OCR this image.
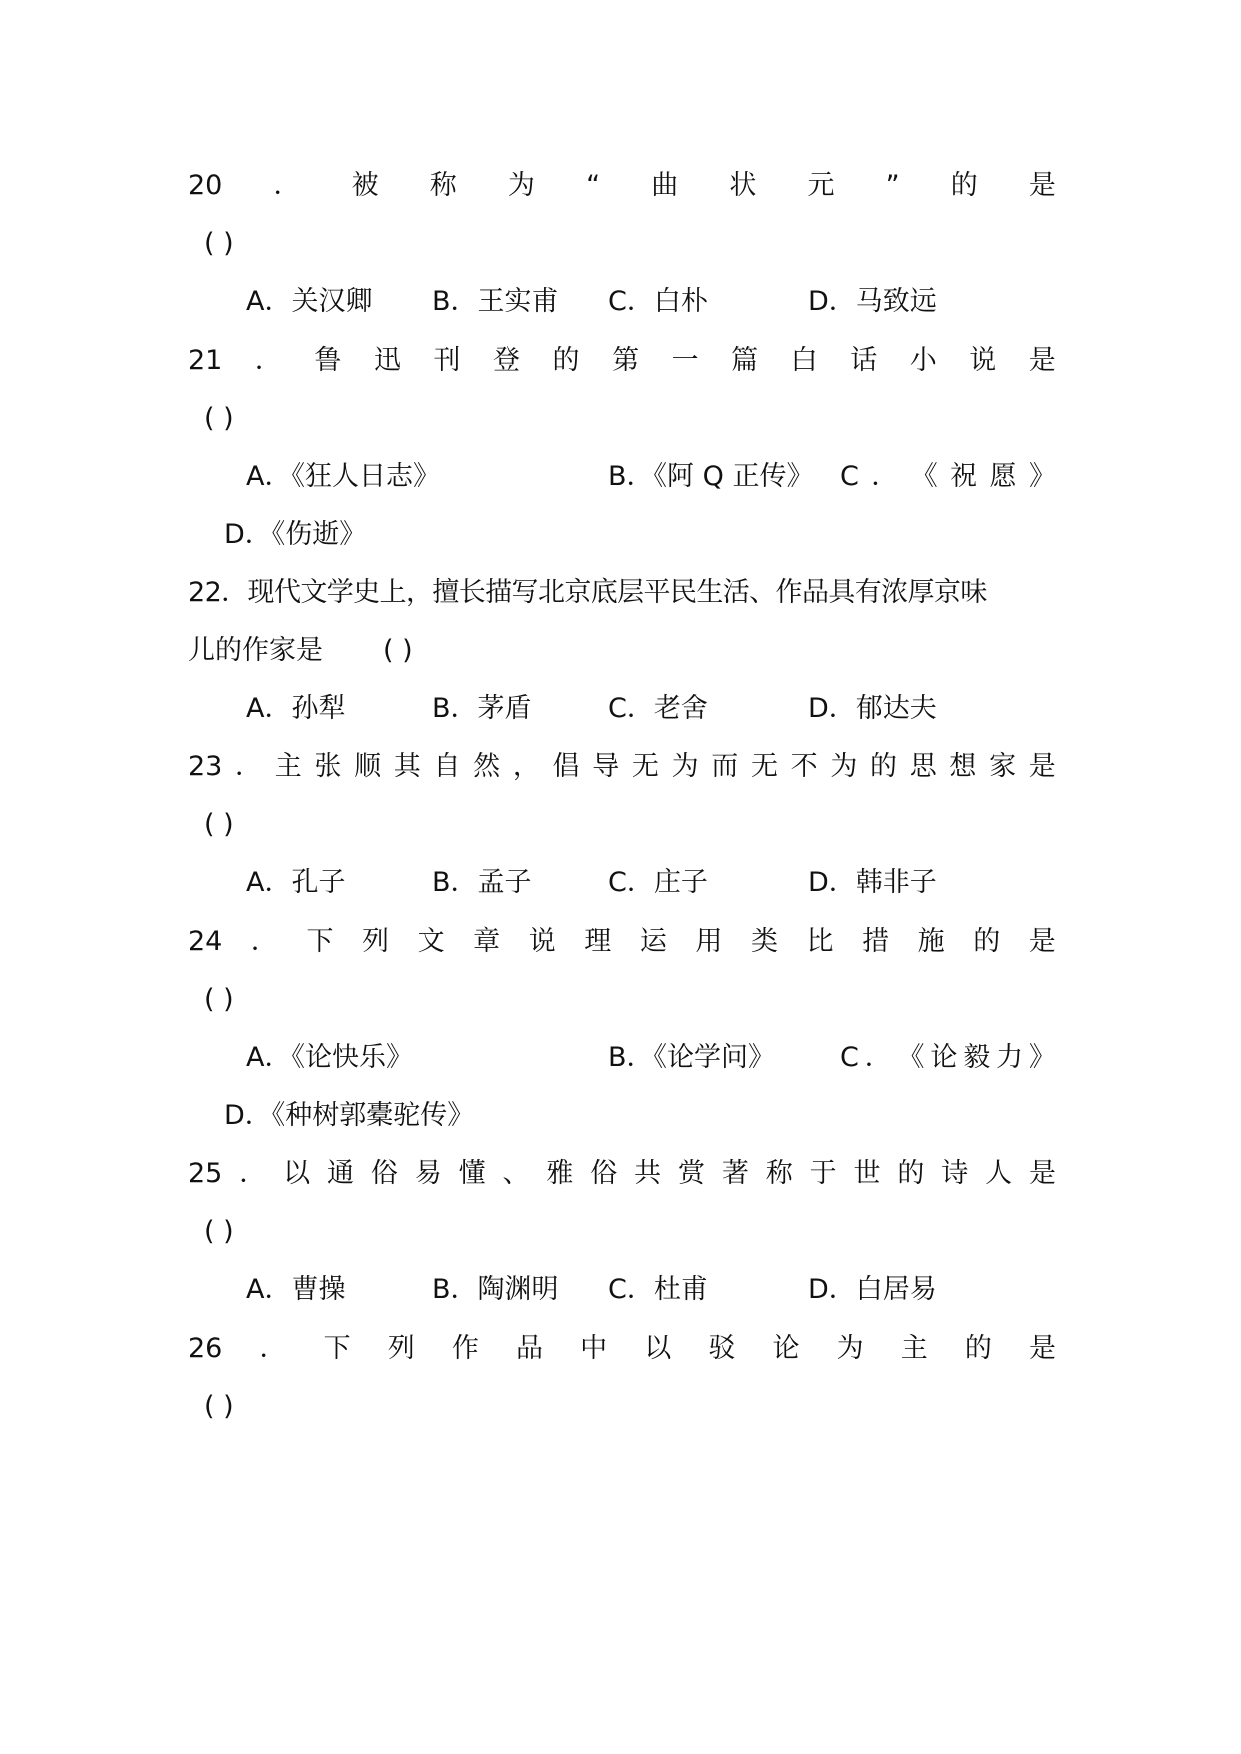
20 ． 被 称 为 “ 曲 状 元 ” 的 是
( )
A．关汉卿 B．王实甫 C．白朴	D．马致远
21 ． 鲁 迅 刊 登 的 第 一 篇 白 话 小 说 是
( )
A．《狂人日志》	B．《阿 Q 正传》 C ． 《 祝 愿 》
D．《伤逝》
22．现代文学史上，擅长描写北京底层平民生活、作品具有浓厚京味
儿的作家是 ( )
A．孙犁	B．茅盾	C．老舍	D．郁达夫
23 ． 主 张 顺 其 自 然 ， 倡 导 无 为 而 无 不 为 的 思 想 家 是
( )
A．孔子	B．孟子	C．庄子	D．韩非子
24 ． 下 列 文 章 说 理 运 用 类 比 措 施 的 是
( )
A．《论快乐》	B．《论学问》 C ． 《 论 毅 力 》
D．《种树郭橐驼传》
25 ． 以 通 俗 易 懂 、 雅 俗 共 赏 著 称 于 世 的 诗 人 是
( )
A．曹操	B．陶渊明 C．杜甫	D．白居易
26 ． 下 列 作 品 中 以 驳 论 为 主 的 是
( )
